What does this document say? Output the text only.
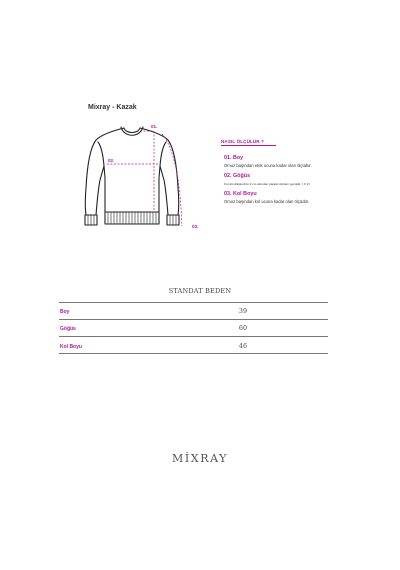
Mixray - Kazak
01.
02.
03.
NASIL ÖLÇÜLÜR ?
01. Boy
Omuz başından etek ucuna kadar olan ölçüdür.
02. Göğüs
Kol altı dikişlerinin 2 cm altından paralel ölçülen genişlik. ( X 2 )
03. Kol Boyu
Omuz başından kol ucuna kadar olan ölçüdür.
STANDAT BEDEN
Boy	39
Göğüs	60
Kol Boyu	46
MİXRAY
